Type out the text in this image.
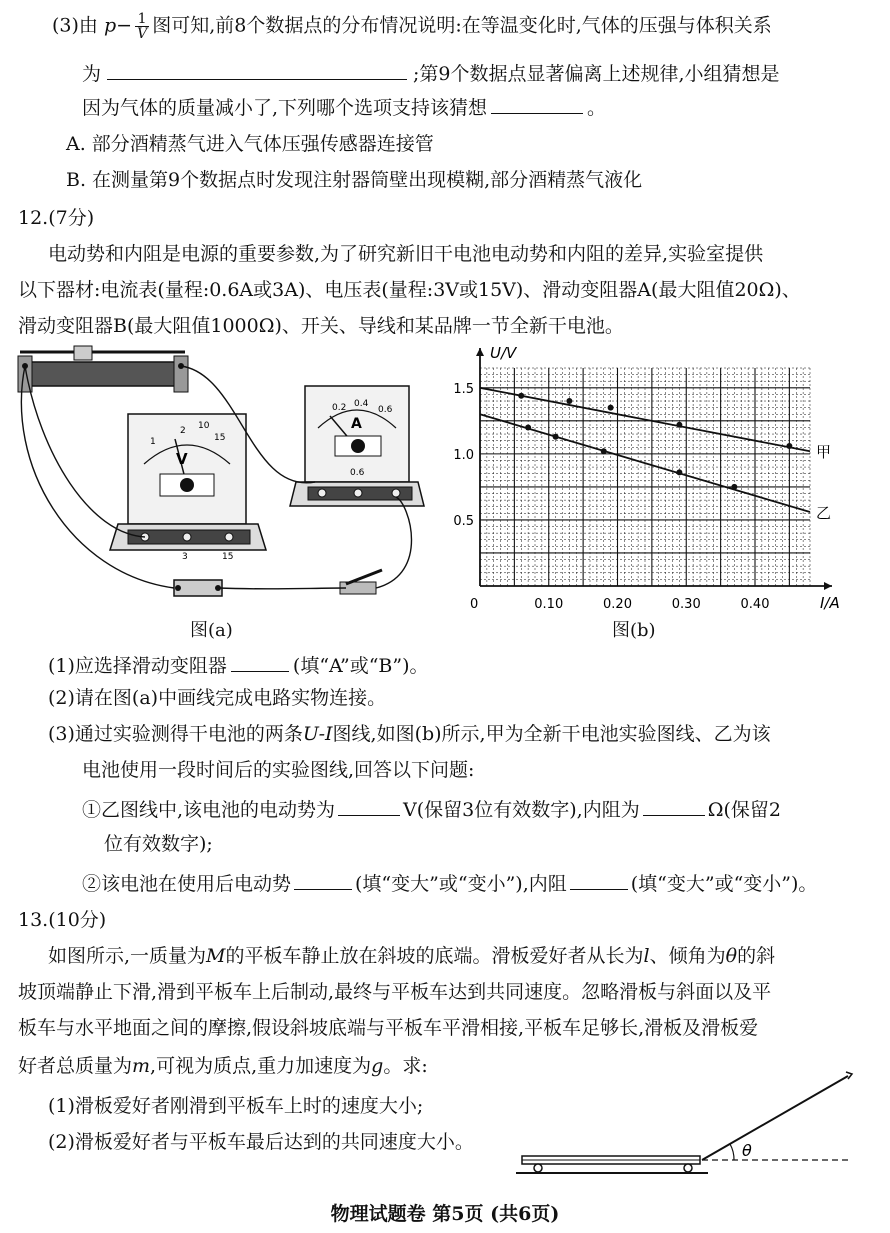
(3)由 $p- \frac{1}{V}$ 图可知,前8个数据点的分布情况说明:在等温变化时,气体的压强与体积关系
为	;第9个数据点显著偏离上述规律,小组猜想是
因为气体的质量减小了,下列哪个选项支持该猜想	。
A. 部分酒精蒸气进入气体压强传感器连接管
B. 在测量第9个数据点时发现注射器筒壁出现模糊,部分酒精蒸气液化
12.(7分)
电动势和内阻是电源的重要参数,为了研究新旧干电池电动势和内阻的差异,实验室提供
以下器材:电流表(量程:0.6A或3A)、电压表(量程:3V或15V)、滑动变阻器A(最大阻值20Ω)、
滑动变阻器B(最大阻值1000Ω)、开关、导线和某品牌一节全新干电池。
1
2 10
15
V
3	15
0.2 0.4
0.6
A
0.6
图(a)
U/V
I/A
0	0.10	0.20	0.30	0.40
0.5
1.0
1.5
甲
乙
图(b)
(1)应选择滑动变阻器	(填“A”或“B”)。
(2)请在图(a)中画线完成电路实物连接。
(3)通过实验测得干电池的两条U-I图线,如图(b)所示,甲为全新干电池实验图线、乙为该
电池使用一段时间后的实验图线,回答以下问题:
①乙图线中,该电池的电动势为	V(保留3位有效数字),内阻为	Ω(保留2
位有效数字);
②该电池在使用后电动势	(填“变大”或“变小”),内阻	(填“变大”或“变小”)。
13.(10分)
如图所示,一质量为M的平板车静止放在斜坡的底端。滑板爱好者从长为l、倾角为θ的斜
坡顶端静止下滑,滑到平板车上后制动,最终与平板车达到共同速度。忽略滑板与斜面以及平
板车与水平地面之间的摩擦,假设斜坡底端与平板车平滑相接,平板车足够长,滑板及滑板爱
好者总质量为m,可视为质点,重力加速度为g。求:
(1)滑板爱好者刚滑到平板车上时的速度大小;
(2)滑板爱好者与平板车最后达到的共同速度大小。	θ
物理试题卷 第5页 (共6页)
